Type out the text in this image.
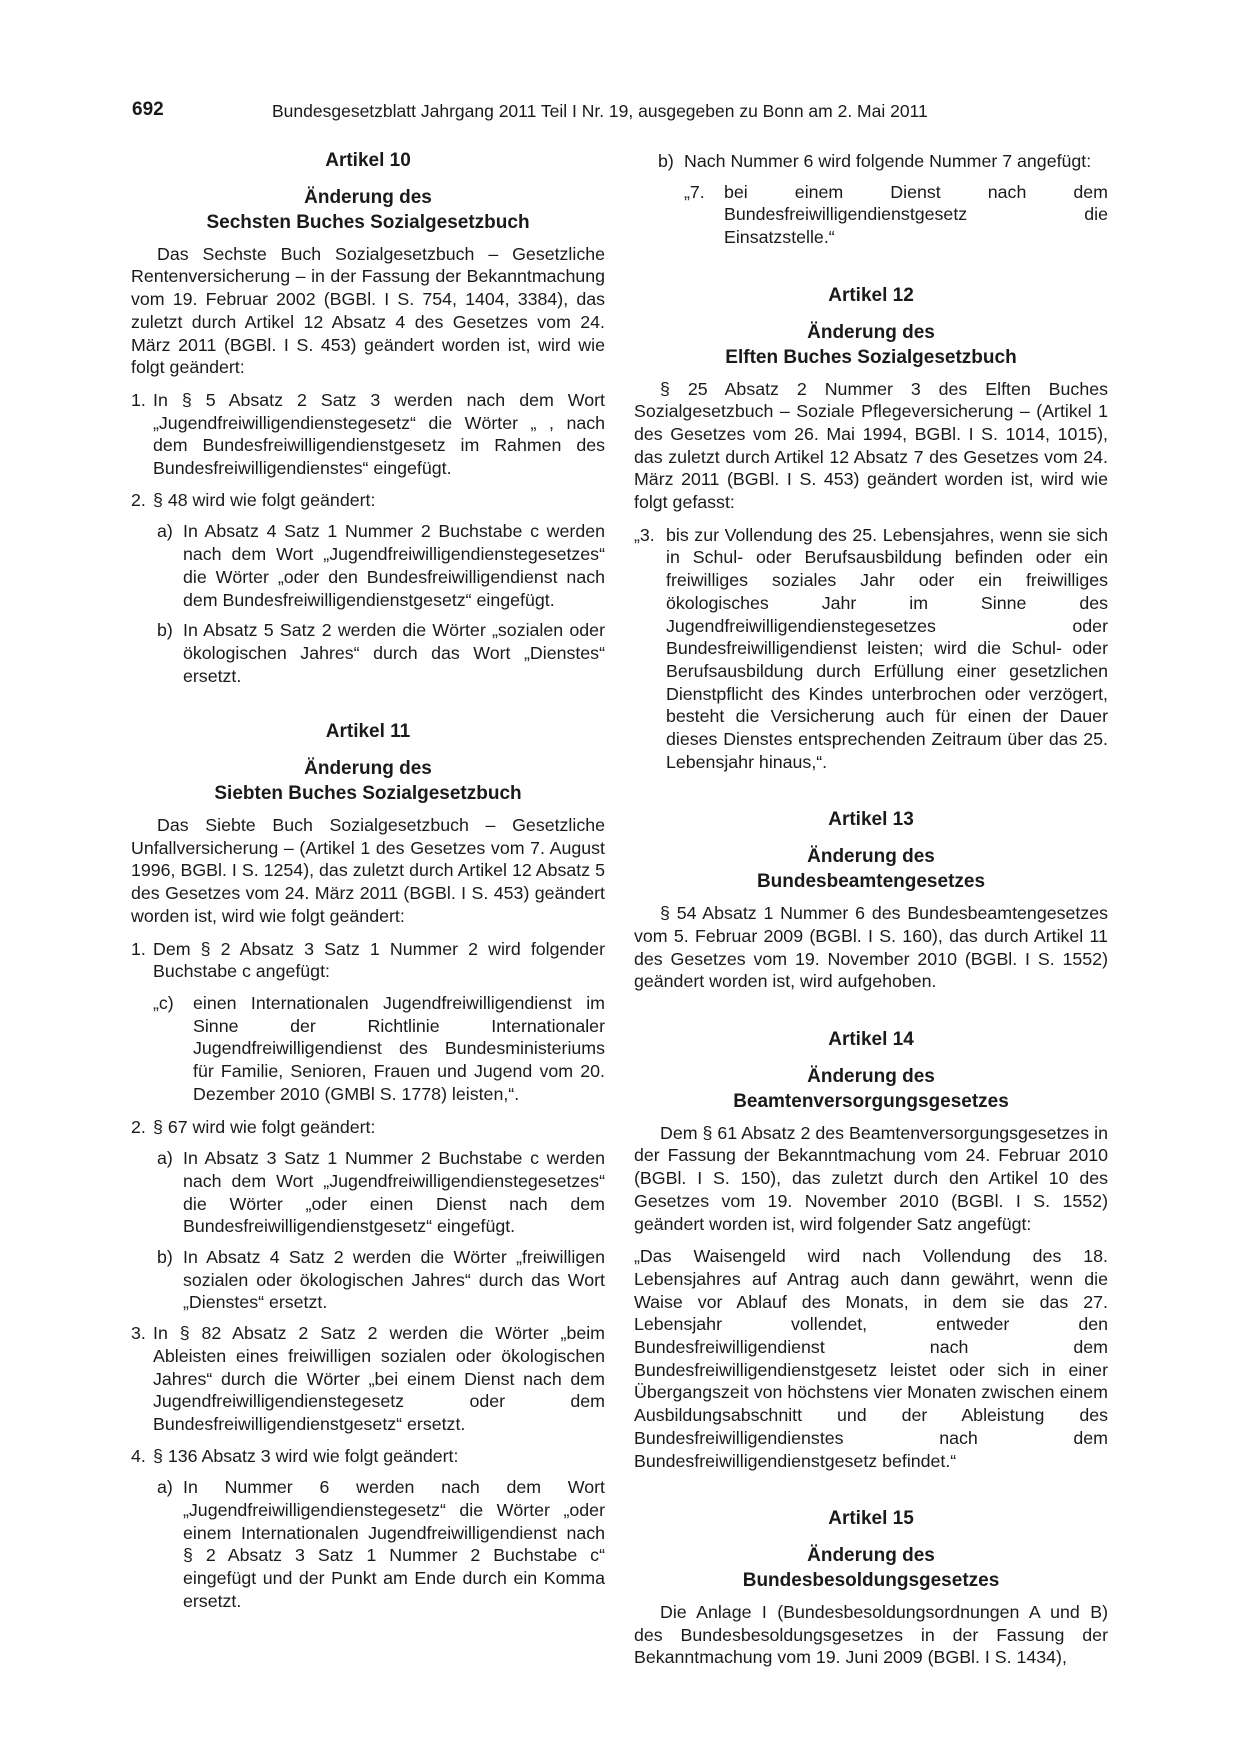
692	Bundesgesetzblatt Jahrgang 2011 Teil I Nr. 19, ausgegeben zu Bonn am 2. Mai 2011
Artikel 10
Änderung des
Sechsten Buches Sozialgesetzbuch
Das Sechste Buch Sozialgesetzbuch – Gesetzliche Rentenversicherung – in der Fassung der Bekanntmachung vom 19. Februar 2002 (BGBl. I S. 754, 1404, 3384), das zuletzt durch Artikel 12 Absatz 4 des Gesetzes vom 24. März 2011 (BGBl. I S. 453) geändert worden ist, wird wie folgt geändert:
1. In § 5 Absatz 2 Satz 3 werden nach dem Wort „Jugendfreiwilligendienstegesetz“ die Wörter „ , nach dem Bundesfreiwilligendienstgesetz im Rahmen des Bundesfreiwilligendienstes“ eingefügt.
2. § 48 wird wie folgt geändert:
a) In Absatz 4 Satz 1 Nummer 2 Buchstabe c werden nach dem Wort „Jugendfreiwilligendienstegesetzes“ die Wörter „oder den Bundesfreiwilligendienst nach dem Bundesfreiwilligendienstgesetz“ eingefügt.
b) In Absatz 5 Satz 2 werden die Wörter „sozialen oder ökologischen Jahres“ durch das Wort „Dienstes“ ersetzt.
Artikel 11
Änderung des
Siebten Buches Sozialgesetzbuch
Das Siebte Buch Sozialgesetzbuch – Gesetzliche Unfallversicherung – (Artikel 1 des Gesetzes vom 7. August 1996, BGBl. I S. 1254), das zuletzt durch Artikel 12 Absatz 5 des Gesetzes vom 24. März 2011 (BGBl. I S. 453) geändert worden ist, wird wie folgt geändert:
1. Dem § 2 Absatz 3 Satz 1 Nummer 2 wird folgender Buchstabe c angefügt:
„c)	einen Internationalen Jugendfreiwilligendienst im Sinne der Richtlinie Internationaler Jugendfreiwilligendienst des Bundesministeriums für Familie, Senioren, Frauen und Jugend vom 20. Dezember 2010 (GMBl S. 1778) leisten,“.
2. § 67 wird wie folgt geändert:
a) In Absatz 3 Satz 1 Nummer 2 Buchstabe c werden nach dem Wort „Jugendfreiwilligendienstegesetzes“ die Wörter „oder einen Dienst nach dem Bundesfreiwilligendienstgesetz“ eingefügt.
b) In Absatz 4 Satz 2 werden die Wörter „freiwilligen sozialen oder ökologischen Jahres“ durch das Wort „Dienstes“ ersetzt.
3. In § 82 Absatz 2 Satz 2 werden die Wörter „beim Ableisten eines freiwilligen sozialen oder ökologischen Jahres“ durch die Wörter „bei einem Dienst nach dem Jugendfreiwilligendienstegesetz oder dem Bundesfreiwilligendienstgesetz“ ersetzt.
4. § 136 Absatz 3 wird wie folgt geändert:
a) In Nummer 6 werden nach dem Wort „Jugendfreiwilligendienstegesetz“ die Wörter „oder einem Internationalen Jugendfreiwilligendienst nach § 2 Absatz 3 Satz 1 Nummer 2 Buchstabe c“ eingefügt und der Punkt am Ende durch ein Komma ersetzt.
b) Nach Nummer 6 wird folgende Nummer 7 angefügt:
„7.	bei einem Dienst nach dem Bundesfreiwilligendienstgesetz die Einsatzstelle.“
Artikel 12
Änderung des
Elften Buches Sozialgesetzbuch
§ 25 Absatz 2 Nummer 3 des Elften Buches Sozialgesetzbuch – Soziale Pflegeversicherung – (Artikel 1 des Gesetzes vom 26. Mai 1994, BGBl. I S. 1014, 1015), das zuletzt durch Artikel 12 Absatz 7 des Gesetzes vom 24. März 2011 (BGBl. I S. 453) geändert worden ist, wird wie folgt gefasst:
„3. bis zur Vollendung des 25. Lebensjahres, wenn sie sich in Schul- oder Berufsausbildung befinden oder ein freiwilliges soziales Jahr oder ein freiwilliges ökologisches Jahr im Sinne des Jugendfreiwilligendienstegesetzes oder Bundesfreiwilligendienst leisten; wird die Schul- oder Berufsausbildung durch Erfüllung einer gesetzlichen Dienstpflicht des Kindes unterbrochen oder verzögert, besteht die Versicherung auch für einen der Dauer dieses Dienstes entsprechenden Zeitraum über das 25. Lebensjahr hinaus,“.
Artikel 13
Änderung des
Bundesbeamtengesetzes
§ 54 Absatz 1 Nummer 6 des Bundesbeamtengesetzes vom 5. Februar 2009 (BGBl. I S. 160), das durch Artikel 11 des Gesetzes vom 19. November 2010 (BGBl. I S. 1552) geändert worden ist, wird aufgehoben.
Artikel 14
Änderung des
Beamtenversorgungsgesetzes
Dem § 61 Absatz 2 des Beamtenversorgungsgesetzes in der Fassung der Bekanntmachung vom 24. Februar 2010 (BGBl. I S. 150), das zuletzt durch den Artikel 10 des Gesetzes vom 19. November 2010 (BGBl. I S. 1552) geändert worden ist, wird folgender Satz angefügt:
„Das Waisengeld wird nach Vollendung des 18. Lebensjahres auf Antrag auch dann gewährt, wenn die Waise vor Ablauf des Monats, in dem sie das 27. Lebensjahr vollendet, entweder den Bundesfreiwilligendienst nach dem Bundesfreiwilligendienstgesetz leistet oder sich in einer Übergangszeit von höchstens vier Monaten zwischen einem Ausbildungsabschnitt und der Ableistung des Bundesfreiwilligendienstes nach dem Bundesfreiwilligendienstgesetz befindet.“
Artikel 15
Änderung des
Bundesbesoldungsgesetzes
Die Anlage I (Bundesbesoldungsordnungen A und B) des Bundesbesoldungsgesetzes in der Fassung der Bekanntmachung vom 19. Juni 2009 (BGBl. I S. 1434),
